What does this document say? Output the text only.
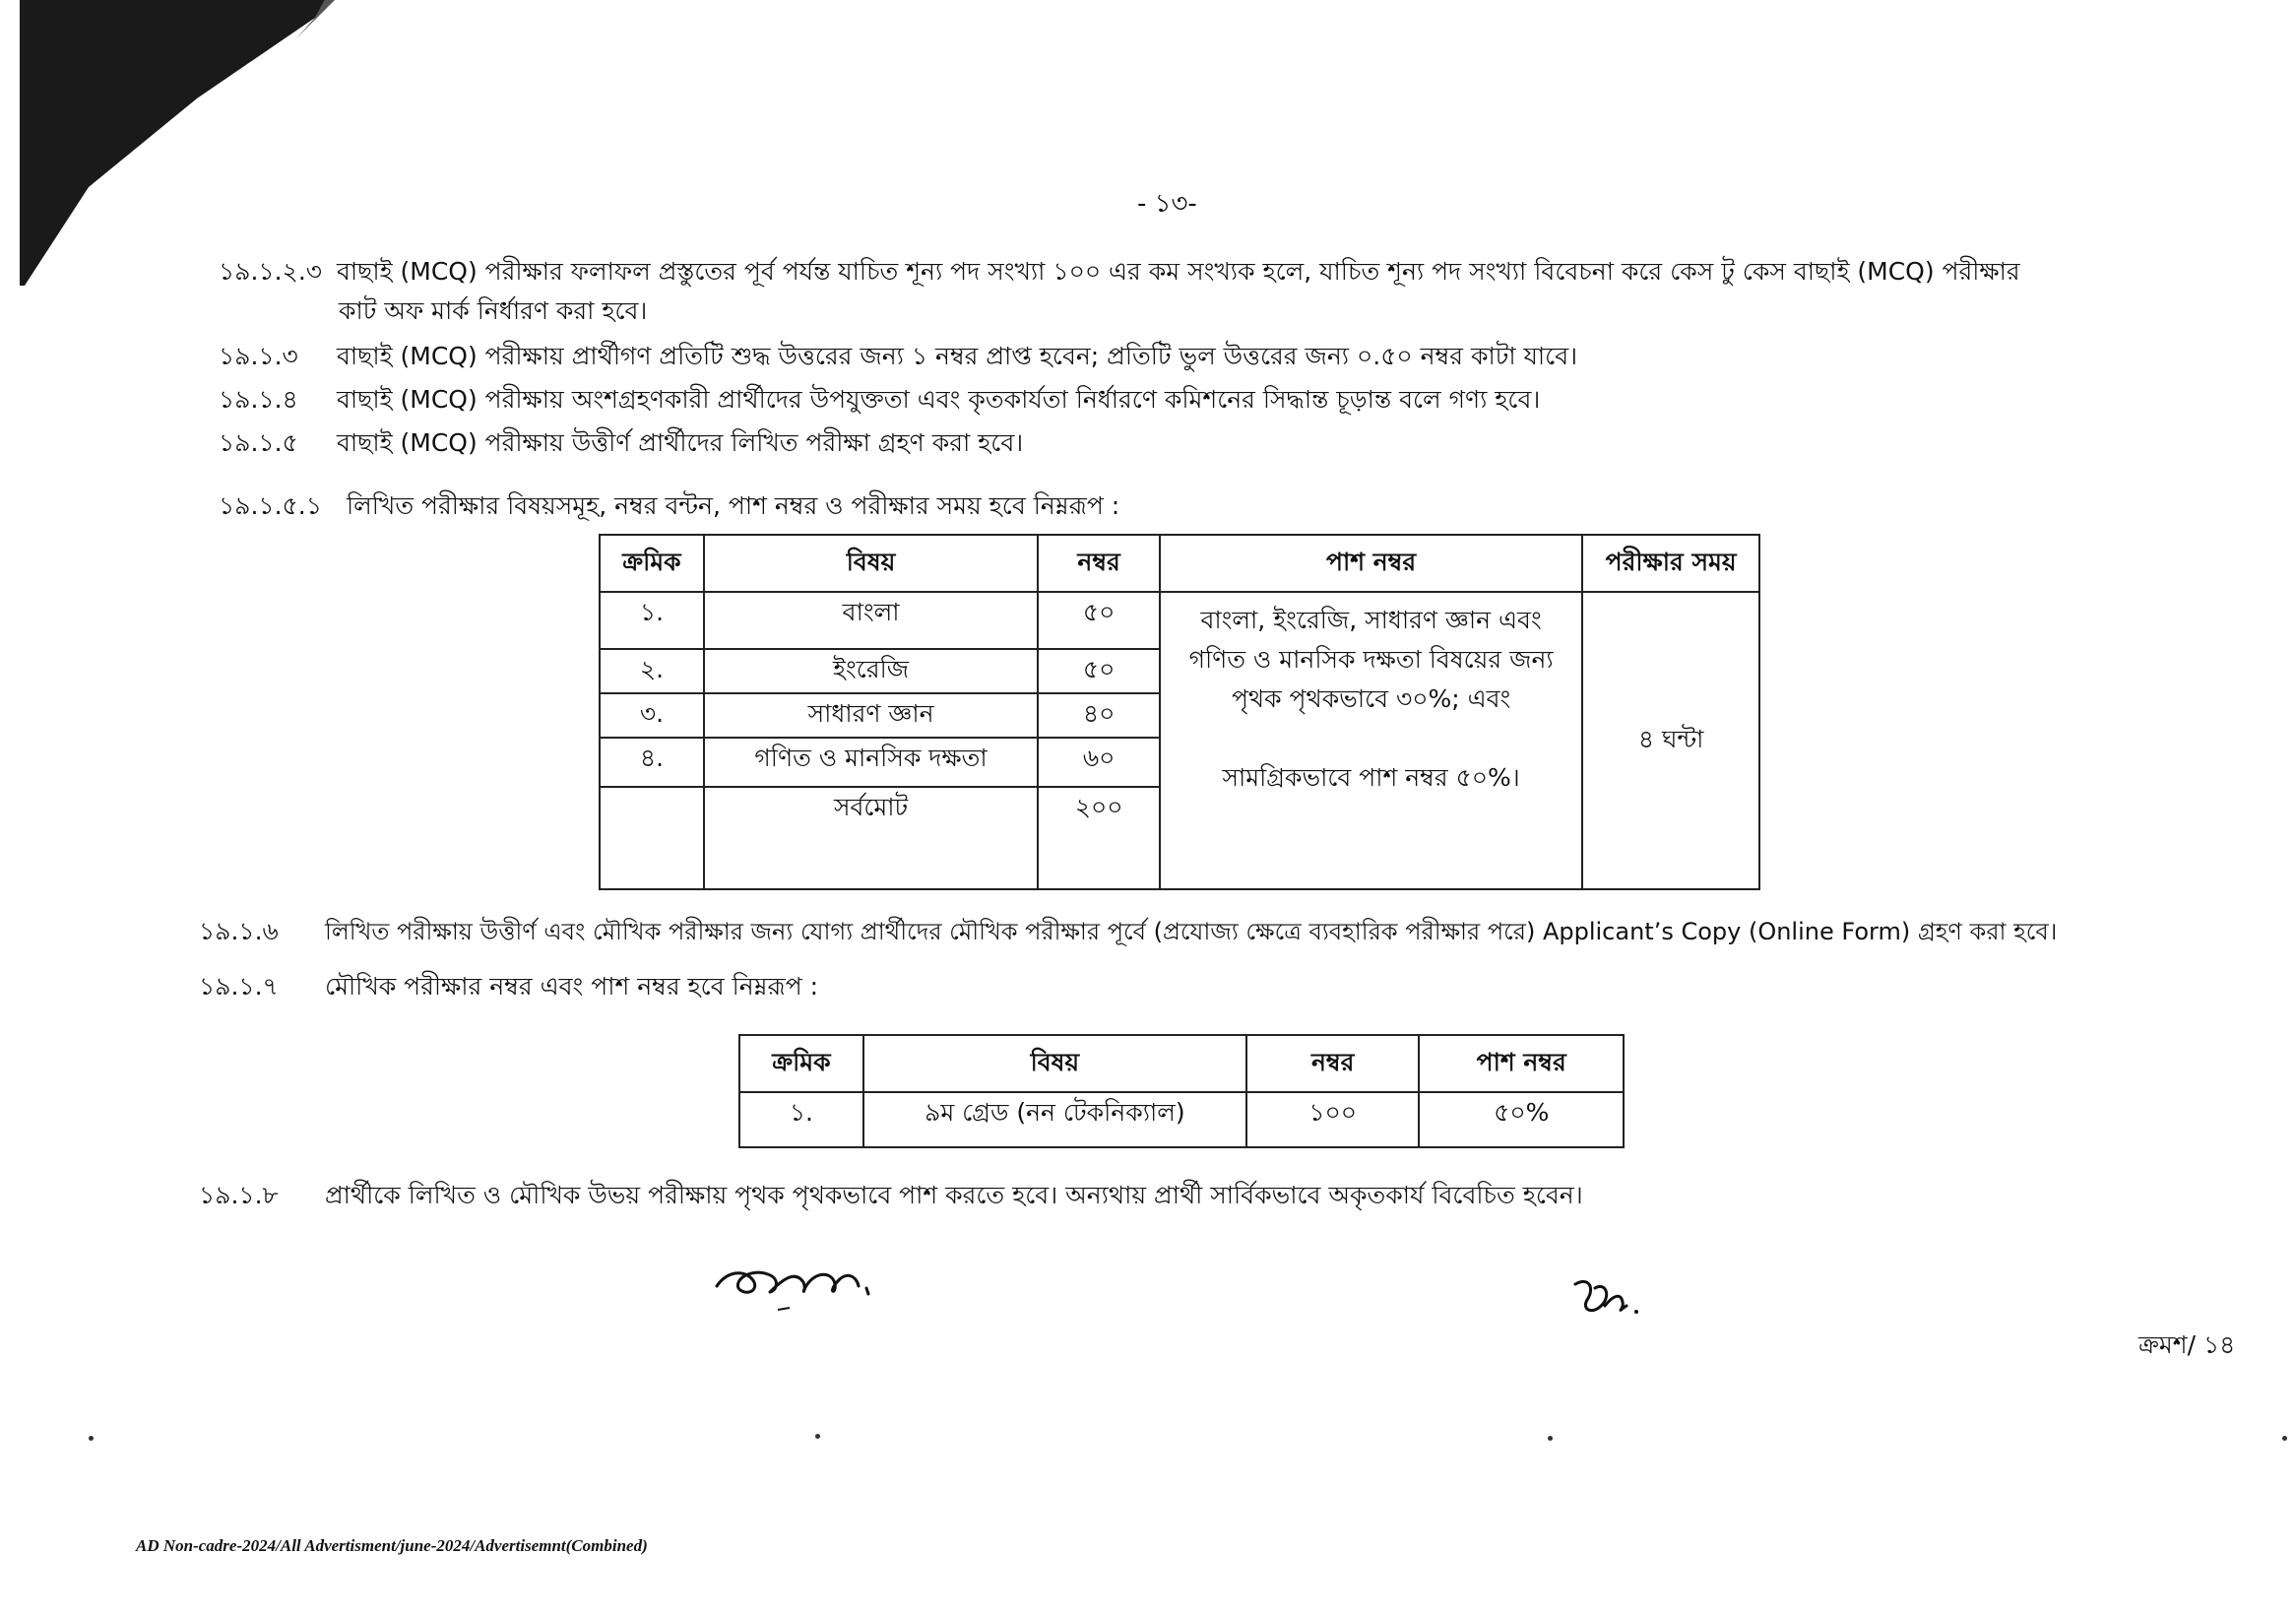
- ১৩-
১৯.১.২.৩ বাছাই (MCQ) পরীক্ষার ফলাফল প্রস্তুতের পূর্ব পর্যন্ত যাচিত শূন্য পদ সংখ্যা ১০০ এর কম সংখ্যক হলে, যাচিত শূন্য পদ সংখ্যা বিবেচনা করে কেস টু কেস বাছাই (MCQ) পরীক্ষার
কাট অফ মার্ক নির্ধারণ করা হবে।
১৯.১.৩ বাছাই (MCQ) পরীক্ষায় প্রার্থীগণ প্রতিটি শুদ্ধ উত্তরের জন্য ১ নম্বর প্রাপ্ত হবেন; প্রতিটি ভুল উত্তরের জন্য ০.৫০ নম্বর কাটা যাবে।
১৯.১.৪ বাছাই (MCQ) পরীক্ষায় অংশগ্রহণকারী প্রার্থীদের উপযুক্ততা এবং কৃতকার্যতা নির্ধারণে কমিশনের সিদ্ধান্ত চূড়ান্ত বলে গণ্য হবে।
১৯.১.৫ বাছাই (MCQ) পরীক্ষায় উত্তীর্ণ প্রার্থীদের লিখিত পরীক্ষা গ্রহণ করা হবে।
১৯.১.৫.১ লিখিত পরীক্ষার বিষয়সমূহ, নম্বর বন্টন, পাশ নম্বর ও পরীক্ষার সময় হবে নিম্নরূপ :
ক্রমিক	বিষয়	নম্বর	পাশ নম্বর	পরীক্ষার সময়
১.	বাংলা	৫০	বাংলা, ইংরেজি, সাধারণ জ্ঞান এবং
গণিত ও মানসিক দক্ষতা বিষয়ের জন্য
পৃথক পৃথকভাবে ৩০%; এবং
সামগ্রিকভাবে পাশ নম্বর ৫০%।	৪ ঘন্টা
২.	ইংরেজি	৫০		
৩.	সাধারণ জ্ঞান	৪০		
৪.	গণিত ও মানসিক দক্ষতা	৬০		
	সর্বমোট	২০০		
১৯.১.৬ লিখিত পরীক্ষায় উত্তীর্ণ এবং মৌখিক পরীক্ষার জন্য যোগ্য প্রার্থীদের মৌখিক পরীক্ষার পূর্বে (প্রযোজ্য ক্ষেত্রে ব্যবহারিক পরীক্ষার পরে) Applicant’s Copy (Online Form) গ্রহণ করা হবে।
১৯.১.৭ মৌখিক পরীক্ষার নম্বর এবং পাশ নম্বর হবে নিম্নরূপ :
ক্রমিক	বিষয়	নম্বর	পাশ নম্বর
১.	৯ম গ্রেড (নন টেকনিক্যাল)	১০০	৫০%
১৯.১.৮ প্রার্থীকে লিখিত ও মৌখিক উভয় পরীক্ষায় পৃথক পৃথকভাবে পাশ করতে হবে। অন্যথায় প্রার্থী সার্বিকভাবে অকৃতকার্য বিবেচিত হবেন।
ক্রমশ/ ১৪
AD Non-cadre-2024/All Advertisment/june-2024/Advertisemnt(Combined)
